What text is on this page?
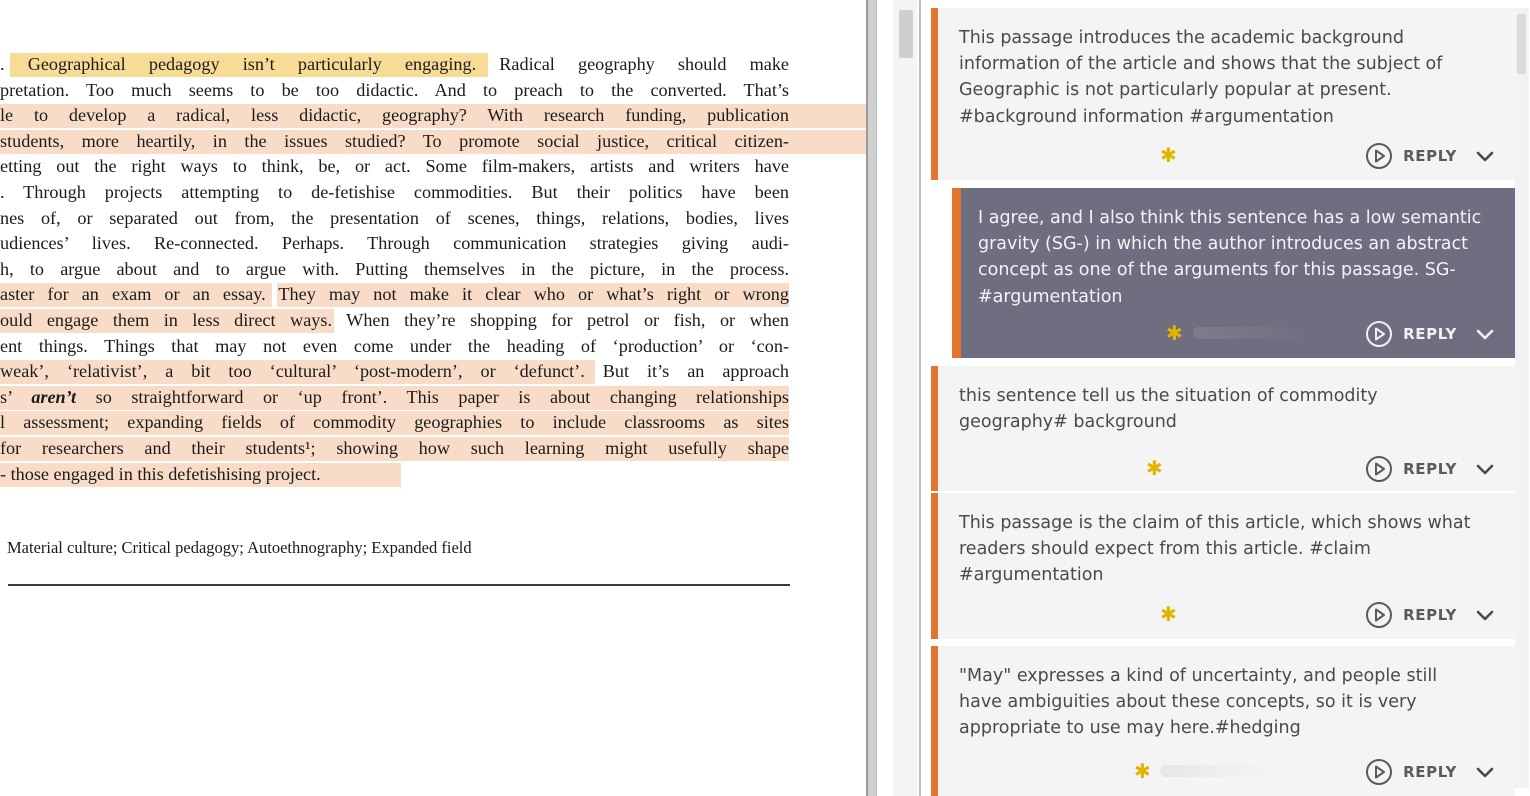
. Geographical pedagogy isn’t particularly engaging. Radical geography should make
pretation. Too much seems to be too didactic. And to preach to the converted. That’s
le to develop a radical, less didactic, geography? With research funding, publication
students, more heartily, in the issues studied? To promote social justice, critical citizen-
etting out the right ways to think, be, or act. Some film-makers, artists and writers have
. Through projects attempting to de-fetishise commodities. But their politics have been
nes of, or separated out from, the presentation of scenes, things, relations, bodies, lives
udiences’ lives. Re-connected. Perhaps. Through communication strategies giving audi-
h, to argue about and to argue with. Putting themselves in the picture, in the process.
aster for an exam or an essay. They may not make it clear who or what’s right or wrong
ould engage them in less direct ways. When they’re shopping for petrol or fish, or when
ent things. Things that may not even come under the heading of ‘production’ or ‘con-
weak’, ‘relativist’, a bit too ‘cultural’ ‘post-modern’, or ‘defunct’. But it’s an approach
s’ aren’t so straightforward or ‘up front’. This paper is about changing relationships
l assessment; expanding fields of commodity geographies to include classrooms as sites
for researchers and their students¹; showing how such learning might usefully shape
- those engaged in this defetishising project.
Material culture; Critical pedagogy; Autoethnography; Expanded field
This passage introduces the academic background information of the article and shows that the subject of Geographic is not particularly popular at present. #background information #argumentation
✱	REPLY
I agree, and I also think this sentence has a low semantic gravity (SG-) in which the author introduces an abstract concept as one of the arguments for this passage. SG- #argumentation
✱	REPLY
this sentence tell us the situation of commodity geography# background
✱	REPLY
This passage is the claim of this article, which shows what readers should expect from this article. #claim #argumentation
✱	REPLY
"May" expresses a kind of uncertainty, and people still have ambiguities about these concepts, so it is very appropriate to use may here.#hedging
✱	REPLY
